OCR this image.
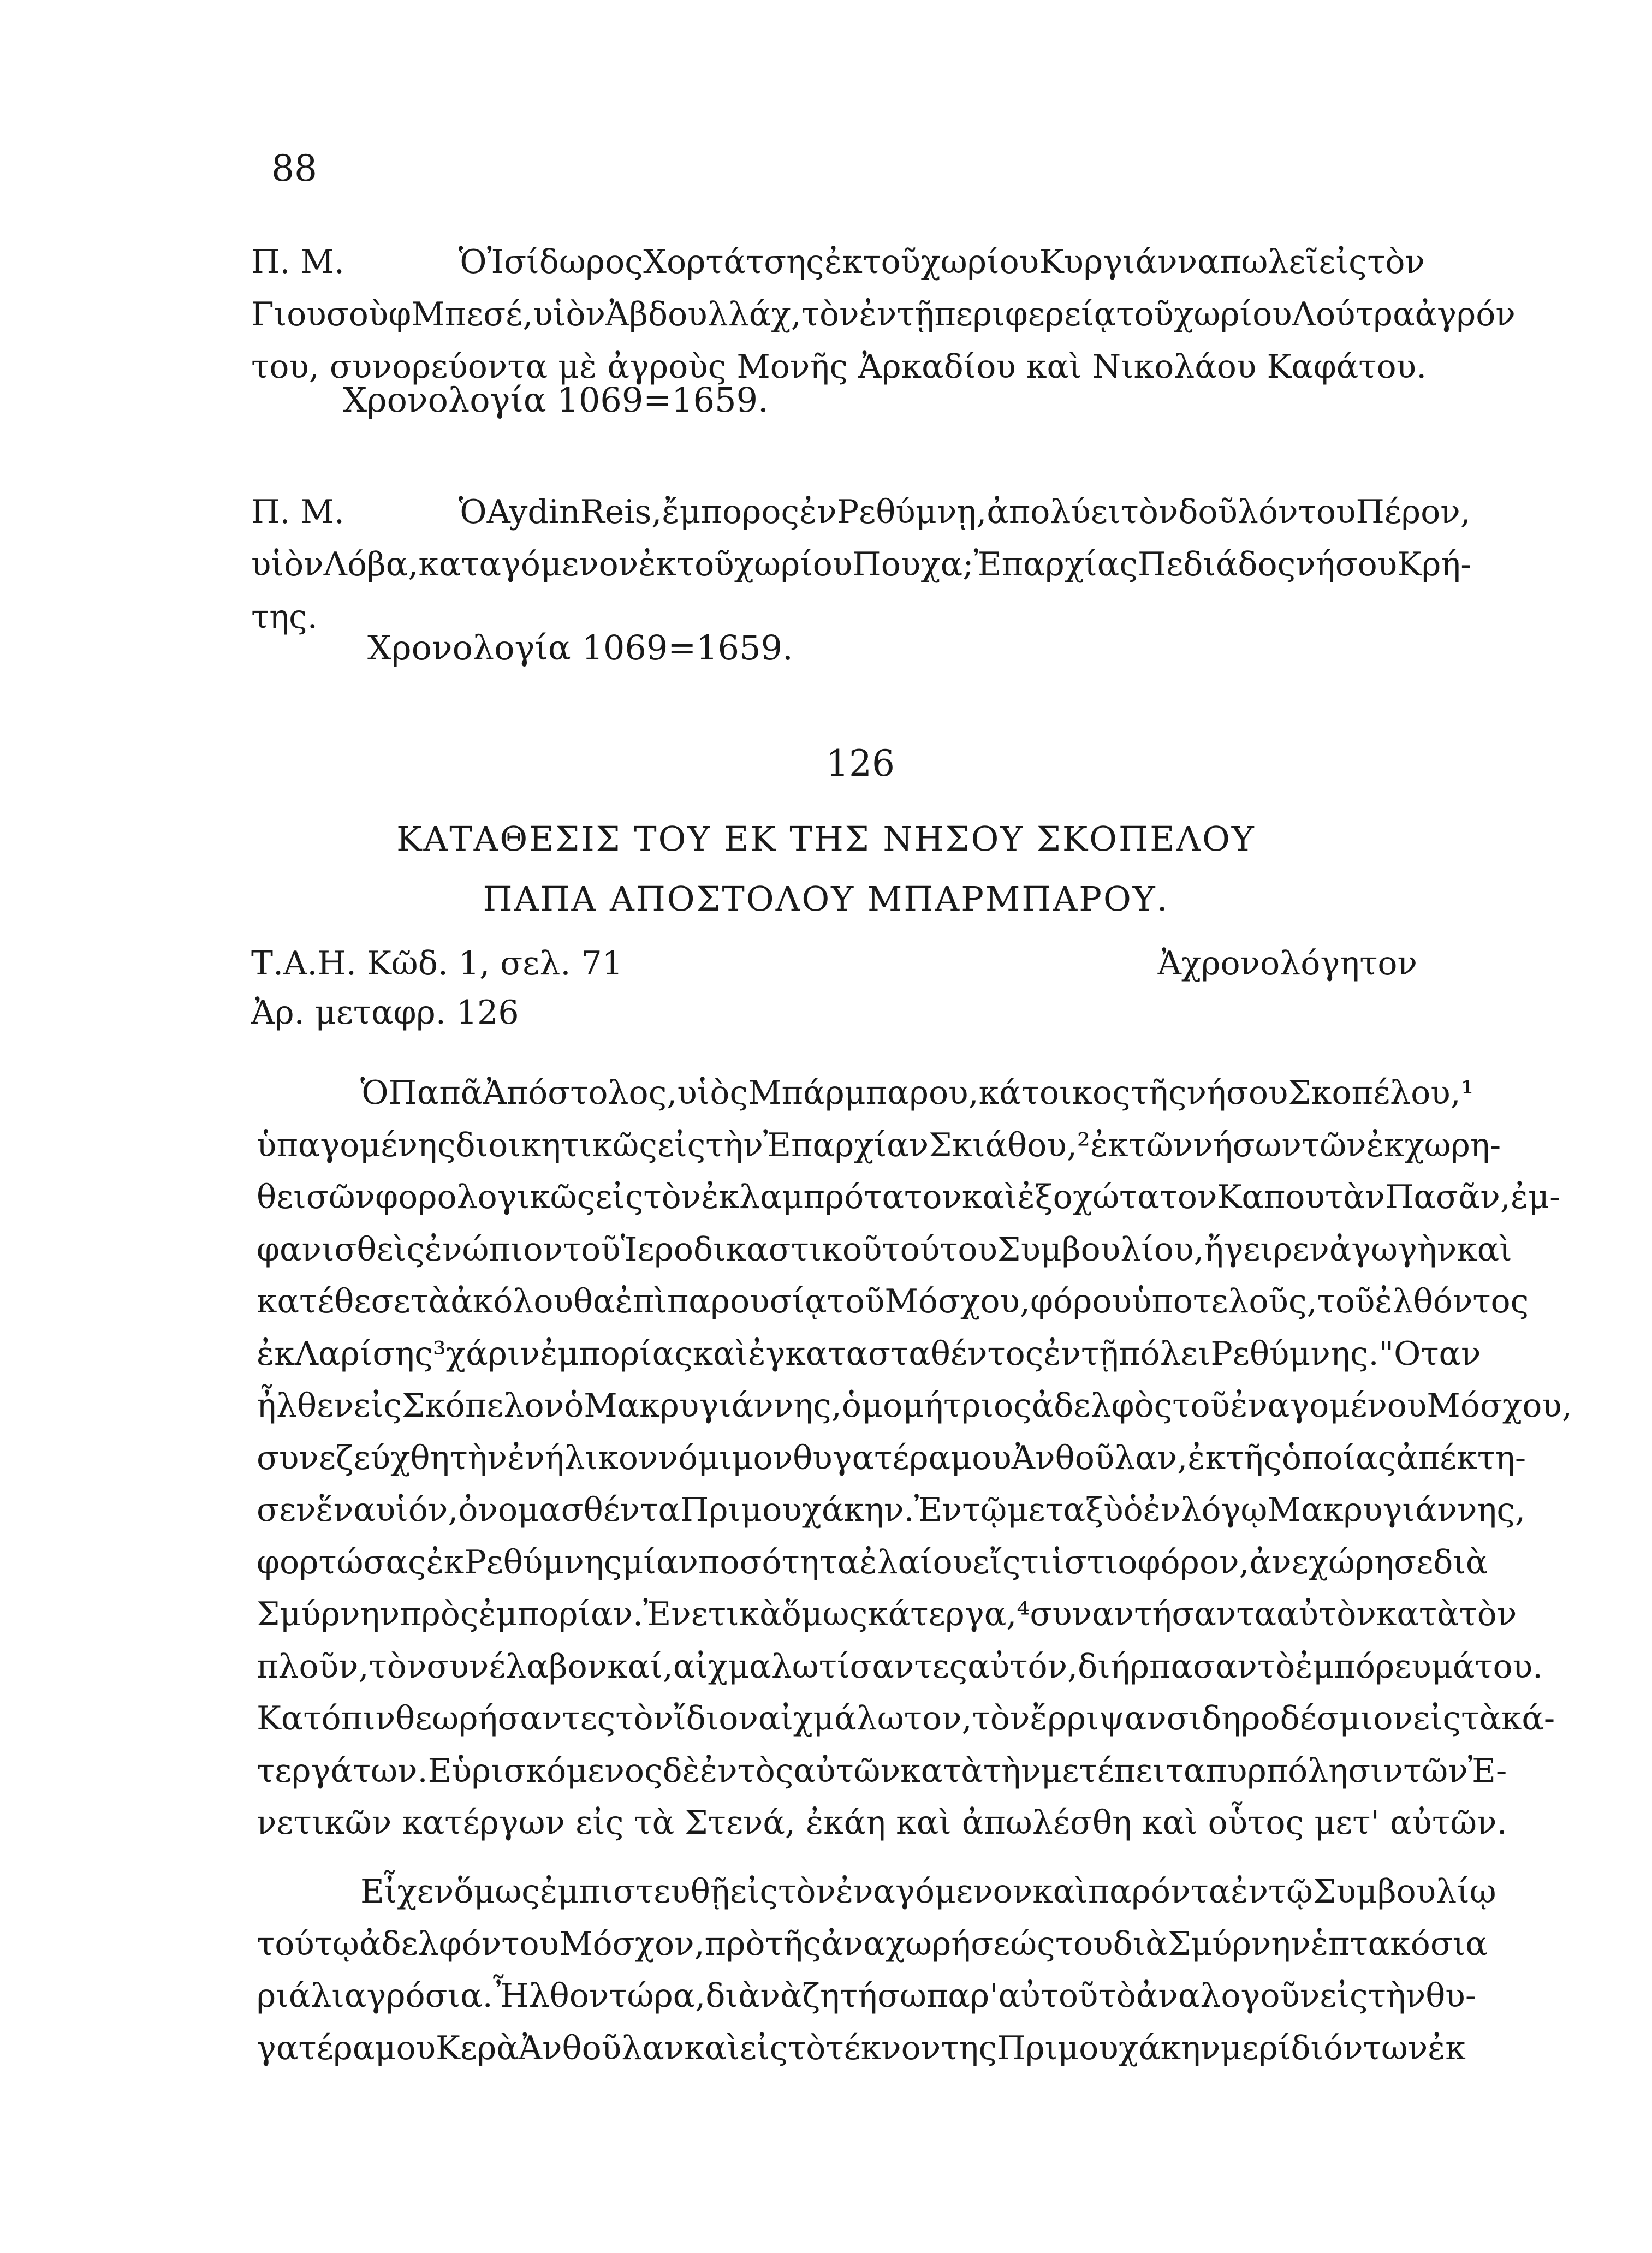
88
Π. Μ.	Ὁ Ἰσίδωρος Χορτάτσης ἐκ τοῦ χωρίου Κυργιάννα πωλεῖ εἰς τὸν
Γιουσοὺφ Μπεσέ, υἱὸν Ἀβδουλλάχ, τὸν ἐν τῇ περιφερείᾳ τοῦ χωρίου Λούτρα ἀγρόν
του, συνορεύοντα μὲ ἀγροὺς Μονῆς Ἀρκαδίου καὶ Νικολάου Καφάτου.
Χρονολογία 1069=1659.
Π. Μ.	Ὁ Aydin Reis, ἔμπορος ἐν Ρεθύμνῃ, ἀπολύει τὸν δοῦλόν του Πέρον,
υἱὸν Λόβα, καταγόμενον ἐκ τοῦ χωρίου Πουχα; Ἐπαρχίας Πεδιάδος νήσου Κρή-
της.
Χρονολογία 1069=1659.
126
ΚΑΤΑΘΕΣΙΣ ΤΟΥ ΕΚ ΤΗΣ ΝΗΣΟΥ ΣΚΟΠΕΛΟΥ
ΠΑΠΑ ΑΠΟΣΤΟΛΟΥ ΜΠΑΡΜΠΑΡΟΥ.
Τ.Α.Η. Κῶδ. 1, σελ. 71	Ἀχρονολόγητον
Ἀρ. μεταφρ. 126
Ὁ Παπᾶ Ἀπόστολος, υἱὸς Μπάρμπαρου, κάτοικος τῆς νήσου Σκοπέλου,¹
ὑπαγομένης διοικητικῶς εἰς τὴν Ἐπαρχίαν Σκιάθου,² ἐκ τῶν νήσων τῶν ἐκχωρη-
θεισῶν φορολογικῶς εἰς τὸν ἐκλαμπρότατον καὶ ἐξοχώτατον Καπουτὰν Πασᾶν, ἐμ-
φανισθεὶς ἐνώπιον τοῦ Ἱεροδικαστικοῦ τούτου Συμβουλίου, ἤγειρεν ἀγωγὴν καὶ
κατέθεσε τὰ ἀκόλουθα ἐπὶ παρουσίᾳ τοῦ Μόσχου, φόρου ὑποτελοῦς, τοῦ ἐλθόντος
ἐκ Λαρίσης³ χάριν ἐμπορίας καὶ ἐγκατασταθέντος ἐν τῇ πόλει Ρεθύμνης. "Οταν
ἦλθεν εἰς Σκόπελον ὁ Μακρυγιάννης, ὁμομήτριος ἀδελφὸς τοῦ ἐναγομένου Μόσχου,
συνεζεύχθη τὴν ἐνήλικον νόμιμον θυγατέρα μου Ἀνθοῦλαν, ἐκ τῆς ὁποίας ἀπέκτη-
σεν ἕνα υἱόν, ὀνομασθέντα Πριμουχάκην. Ἐν τῷ μεταξὺ ὁ ἐν λόγῳ Μακρυγιάννης,
φορτώσας ἐκ Ρεθύμνης μίαν ποσότητα ἐλαίου εἴς τι ἱστιοφόρον, ἀνεχώρησε διὰ
Σμύρνην πρὸς ἐμπορίαν. Ἐνετικὰ ὅμως κάτεργα,⁴ συναντήσαντα αὐτὸν κατὰ τὸν
πλοῦν, τὸν συνέλαβον καί, αἰχμαλωτίσαντες αὐτόν, διήρπασαν τὸ ἐμπόρευμά του.
Κατόπιν θεωρήσαντες τὸν ἴδιον αἰχμάλωτον, τὸν ἔρριψαν σιδηροδέσμιον εἰς τὰ κά-
τεργά των. Εὑρισκόμενος δὲ ἐντὸς αὐτῶν κατὰ τὴν μετέπειτα πυρπόλησιν τῶν Ἐ-
νετικῶν κατέργων εἰς τὰ Στενά, ἐκάη καὶ ἀπωλέσθη καὶ οὗτος μετ' αὐτῶν.
Εἶχεν ὅμως ἐμπιστευθῇ εἰς τὸν ἐναγόμενον καὶ παρόντα ἐν τῷ Συμβουλίῳ
τούτῳ ἀδελφόν του Μόσχον, πρὸ τῆς ἀναχωρήσεώς του διὰ Σμύρνην ἑπτακόσια
ριάλια γρόσια. Ἦλθον τώρα, διὰ νὰ ζητήσω παρ' αὐτοῦ τὸ ἀναλογοῦν εἰς τὴν θυ-
γατέρα μου Κερὰ Ἀνθοῦλαν καὶ εἰς τὸ τέκνον της Πριμουχάκην μερίδιόν των ἐκ
